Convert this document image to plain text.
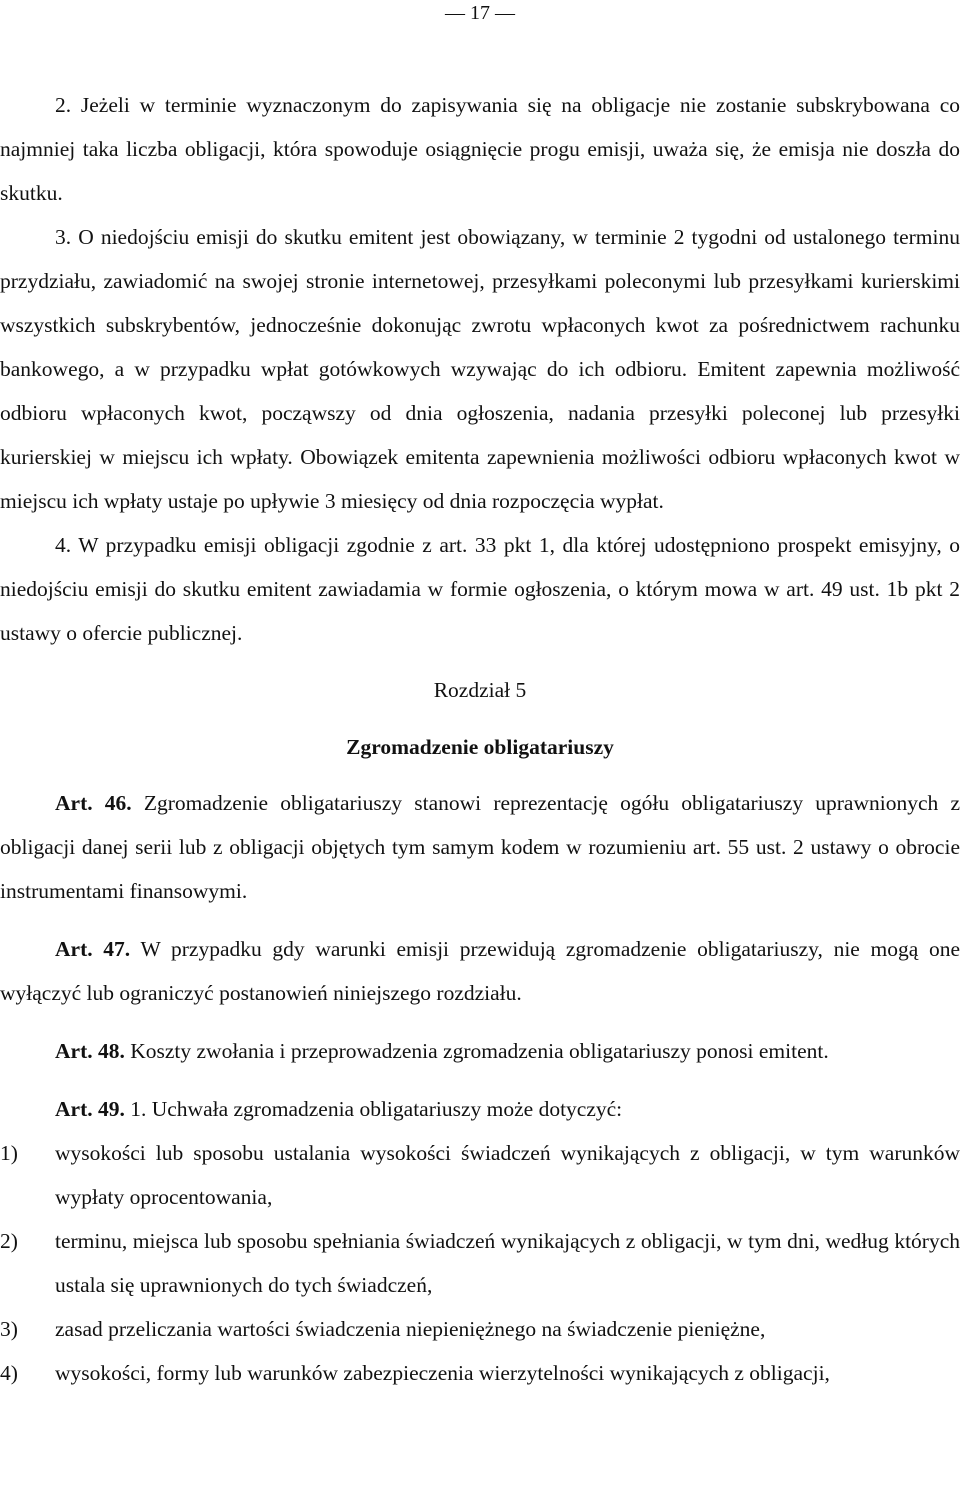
— 17 —

2. Jeżeli w terminie wyznaczonym do zapisywania się na obligacje nie zostanie subskrybowana co najmniej taka liczba obligacji, która spowoduje osiągnięcie progu emisji, uważa się, że emisja nie doszła do skutku.

3. O niedojściu emisji do skutku emitent jest obowiązany, w terminie 2 tygodni od ustalonego terminu przydziału, zawiadomić na swojej stronie internetowej, przesyłkami poleconymi lub przesyłkami kurierskimi wszystkich subskrybentów, jednocześnie dokonując zwrotu wpłaconych kwot za pośrednictwem rachunku bankowego, a w przypadku wpłat gotówkowych wzywając do ich odbioru. Emitent zapewnia możliwość odbioru wpłaconych kwot, począwszy od dnia ogłoszenia, nadania przesyłki poleconej lub przesyłki kurierskiej w miejscu ich wpłaty. Obowiązek emitenta zapewnienia możliwości odbioru wpłaconych kwot w miejscu ich wpłaty ustaje po upływie 3 miesięcy od dnia rozpoczęcia wypłat.

4. W przypadku emisji obligacji zgodnie z art. 33 pkt 1, dla której udostępniono prospekt emisyjny, o niedojściu emisji do skutku emitent zawiadamia w formie ogłoszenia, o którym mowa w art. 49 ust. 1b pkt 2 ustawy o ofercie publicznej.

Rozdział 5

Zgromadzenie obligatariuszy

Art. 46. Zgromadzenie obligatariuszy stanowi reprezentację ogółu obligatariuszy uprawnionych z obligacji danej serii lub z obligacji objętych tym samym kodem w rozumieniu art. 55 ust. 2 ustawy o obrocie instrumentami finansowymi.

Art. 47. W przypadku gdy warunki emisji przewidują zgromadzenie obligatariuszy, nie mogą one wyłączyć lub ograniczyć postanowień niniejszego rozdziału.

Art. 48. Koszty zwołania i przeprowadzenia zgromadzenia obligatariuszy ponosi emitent.

Art. 49. 1. Uchwała zgromadzenia obligatariuszy może dotyczyć:

1)	wysokości lub sposobu ustalania wysokości świadczeń wynikających z obligacji, w tym warunków wypłaty oprocentowania,
2)	terminu, miejsca lub sposobu spełniania świadczeń wynikających z obligacji, w tym dni, według których ustala się uprawnionych do tych świadczeń,
3)	zasad przeliczania wartości świadczenia niepieniężnego na świadczenie pieniężne,
4)	wysokości, formy lub warunków zabezpieczenia wierzytelności wynikających z obligacji,
